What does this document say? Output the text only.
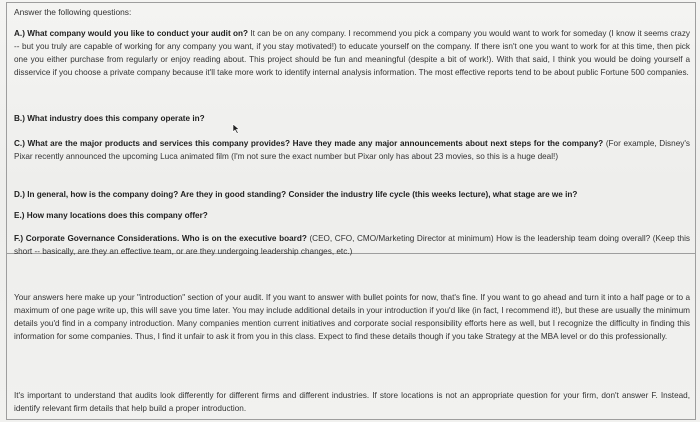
Answer the following questions:

A.) What company would you like to conduct your audit on? It can be on any company. I recommend you pick a company you would want to work for someday (I know it seems crazy -- but you truly are capable of working for any company you want, if you stay motivated!) to educate yourself on the company. If there isn't one you want to work for at this time, then pick one you either purchase from regularly or enjoy reading about. This project should be fun and meaningful (despite a bit of work!). With that said, I think you would be doing yourself a disservice if you choose a private company because it'll take more work to identify internal analysis information. The most effective reports tend to be about public Fortune 500 companies.

B.) What industry does this company operate in?

C.) What are the major products and services this company provides? Have they made any major announcements about next steps for the company? (For example, Disney's Pixar recently announced the upcoming Luca animated film (I'm not sure the exact number but Pixar only has about 23 movies, so this is a huge deal!)

D.) In general, how is the company doing? Are they in good standing? Consider the industry life cycle (this weeks lecture), what stage are we in?

E.) How many locations does this company offer?

F.) Corporate Governance Considerations. Who is on the executive board? (CEO, CFO, CMO/Marketing Director at minimum) How is the leadership team doing overall? (Keep this short -- basically, are they an effective team, or are they undergoing leadership changes, etc.)

Your answers here make up your "introduction" section of your audit. If you want to answer with bullet points for now, that's fine. If you want to go ahead and turn it into a half page or to a maximum of one page write up, this will save you time later. You may include additional details in your introduction if you'd like (in fact, I recommend it!), but these are usually the minimum details you'd find in a company introduction. Many companies mention current initiatives and corporate social responsibility efforts here as well, but I recognize the difficulty in finding this information for some companies. Thus, I find it unfair to ask it from you in this class. Expect to find these details though if you take Strategy at the MBA level or do this professionally.

It's important to understand that audits look differently for different firms and different industries. If store locations is not an appropriate question for your firm, don't answer F. Instead, identify relevant firm details that help build a proper introduction.
